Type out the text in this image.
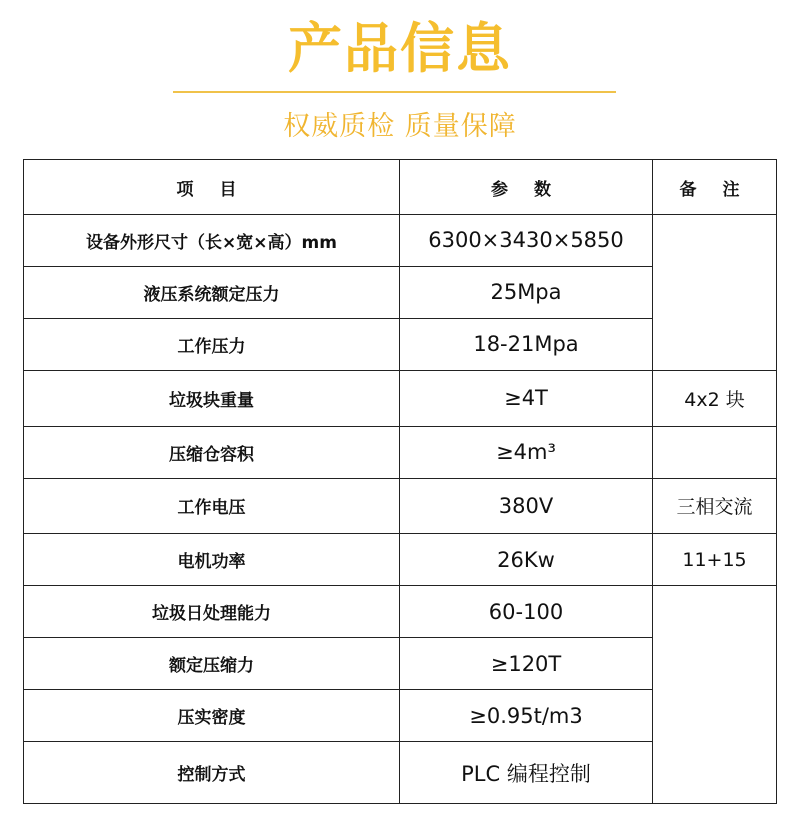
产品信息
权威质检 质量保障
项 目	参 数	备 注
设备外形尺寸（长×宽×高）mm	6300×3430×5850	
液压系统额定压力	25Mpa	
工作压力	18-21Mpa	
垃圾块重量	≥4T	4x2 块
压缩仓容积	≥4m³	
工作电压	380V	三相交流
电机功率	26Kw	11+15
垃圾日处理能力	60-100	
额定压缩力	≥120T	
压实密度	≥0.95t/m3	
控制方式	PLC 编程控制	
